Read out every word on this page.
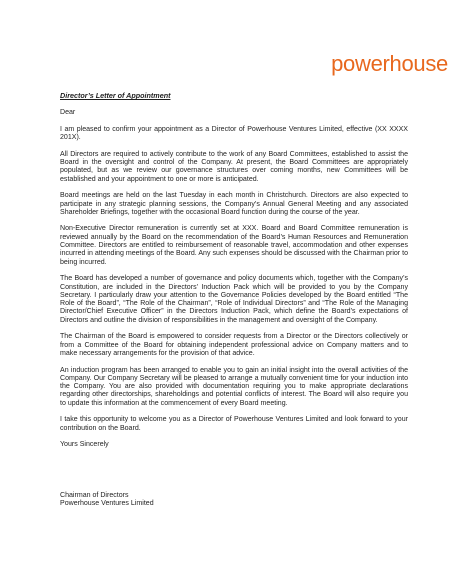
powerhouse
Director’s Letter of Appointment

Dear

I am pleased to confirm your appointment as a Director of Powerhouse Ventures Limited, effective (XX XXXX 201X).

All Directors are required to actively contribute to the work of any Board Committees, established to assist the Board in the oversight and control of the Company. At present, the Board Committees are appropriately populated, but as we review our governance structures over coming months, new Committees will be established and your appointment to one or more is anticipated.

Board meetings are held on the last Tuesday in each month in Christchurch. Directors are also expected to participate in any strategic planning sessions, the Company’s Annual General Meeting and any associated Shareholder Briefings, together with the occasional Board function during the course of the year.

Non-Executive Director remuneration is currently set at XXX. Board and Board Committee remuneration is reviewed annually by the Board on the recommendation of the Board’s Human Resources and Remuneration Committee. Directors are entitled to reimbursement of reasonable travel, accommodation and other expenses incurred in attending meetings of the Board. Any such expenses should be discussed with the Chairman prior to being incurred.

The Board has developed a number of governance and policy documents which, together with the Company’s Constitution, are included in the Directors’ Induction Pack which will be provided to you by the Company Secretary. I particularly draw your attention to the Governance Policies developed by the Board entitled “The Role of the Board”, “The Role of the Chairman”, “Role of Individual Directors” and “The Role of the Managing Director/Chief Executive Officer” in the Directors Induction Pack, which define the Board’s expectations of Directors and outline the division of responsibilities in the management and oversight of the Company.

The Chairman of the Board is empowered to consider requests from a Director or the Directors collectively or from a Committee of the Board for obtaining independent professional advice on Company matters and to make necessary arrangements for the provision of that advice.

An induction program has been arranged to enable you to gain an initial insight into the overall activities of the Company. Our Company Secretary will be pleased to arrange a mutually convenient time for your induction into the Company. You are also provided with documentation requiring you to make appropriate declarations regarding other directorships, shareholdings and potential conflicts of interest. The Board will also require you to update this information at the commencement of every Board meeting.

I take this opportunity to welcome you as a Director of Powerhouse Ventures Limited and look forward to your contribution on the Board.

Yours Sincerely

Chairman of Directors
Powerhouse Ventures Limited
